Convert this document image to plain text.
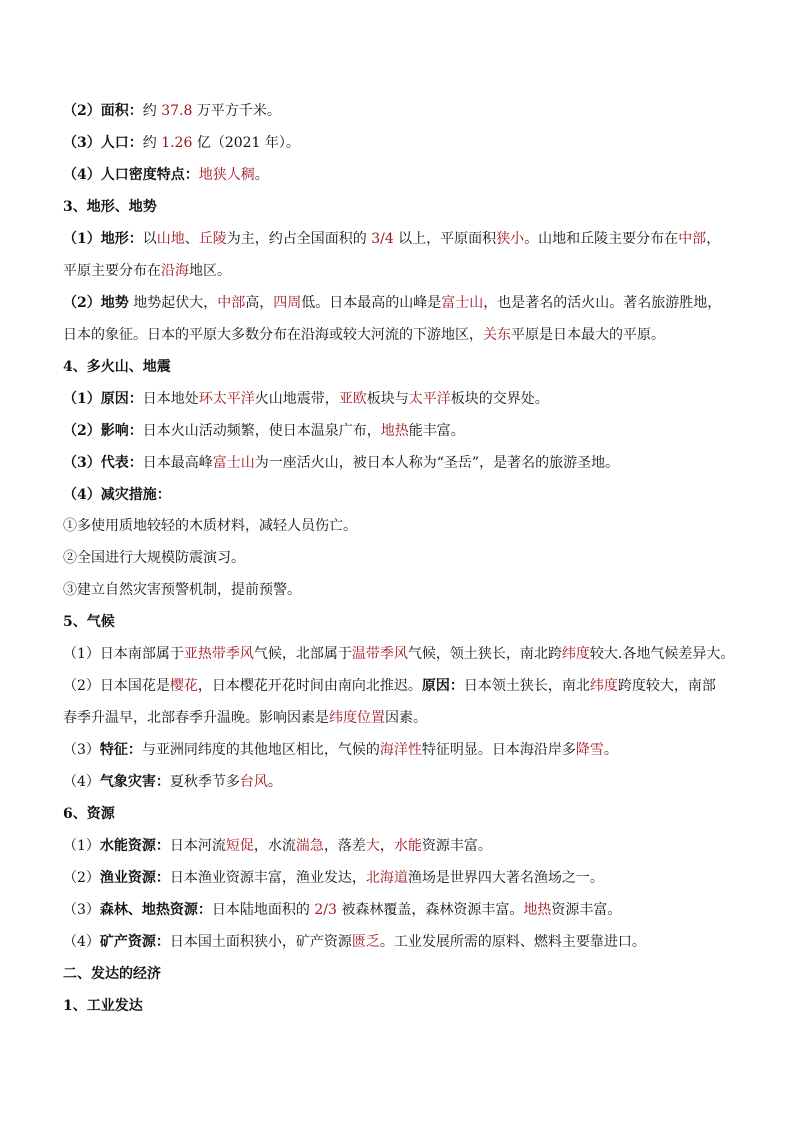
（2）面积：约 37.8 万平方千米。
（3）人口：约 1.26 亿（2021 年）。
（4）人口密度特点：地狭人稠。
3、地形、地势
（1）地形：以山地、丘陵为主，约占全国面积的 3/4 以上，平原面积狭小。山地和丘陵主要分布在中部，
平原主要分布在沿海地区。
（2）地势 地势起伏大，中部高，四周低。日本最高的山峰是富士山，也是著名的活火山。著名旅游胜地，
日本的象征。日本的平原大多数分布在沿海或较大河流的下游地区，关东平原是日本最大的平原。
4、多火山、地震
（1）原因：日本地处环太平洋火山地震带，亚欧板块与太平洋板块的交界处。
（2）影响：日本火山活动频繁，使日本温泉广布，地热能丰富。
（3）代表：日本最高峰富士山为一座活火山，被日本人称为“圣岳”，是著名的旅游圣地。
（4）减灾措施：
①多使用质地较轻的木质材料，减轻人员伤亡。
②全国进行大规模防震演习。
③建立自然灾害预警机制，提前预警。
5、气候
（1）日本南部属于亚热带季风气候，北部属于温带季风气候，领土狭长，南北跨纬度较大.各地气候差异大。
（2）日本国花是樱花，日本樱花开花时间由南向北推迟。原因：日本领土狭长，南北纬度跨度较大，南部
春季升温早，北部春季升温晚。影响因素是纬度位置因素。
（3）特征：与亚洲同纬度的其他地区相比，气候的海洋性特征明显。日本海沿岸多降雪。
（4）气象灾害：夏秋季节多台风。
6、资源
（1）水能资源：日本河流短促，水流湍急，落差大，水能资源丰富。
（2）渔业资源：日本渔业资源丰富，渔业发达，北海道渔场是世界四大著名渔场之一。
（3）森林、地热资源：日本陆地面积的 2/3 被森林覆盖，森林资源丰富。地热资源丰富。
（4）矿产资源：日本国土面积狭小，矿产资源匮乏。工业发展所需的原料、燃料主要靠进口。
二、发达的经济
1、工业发达
